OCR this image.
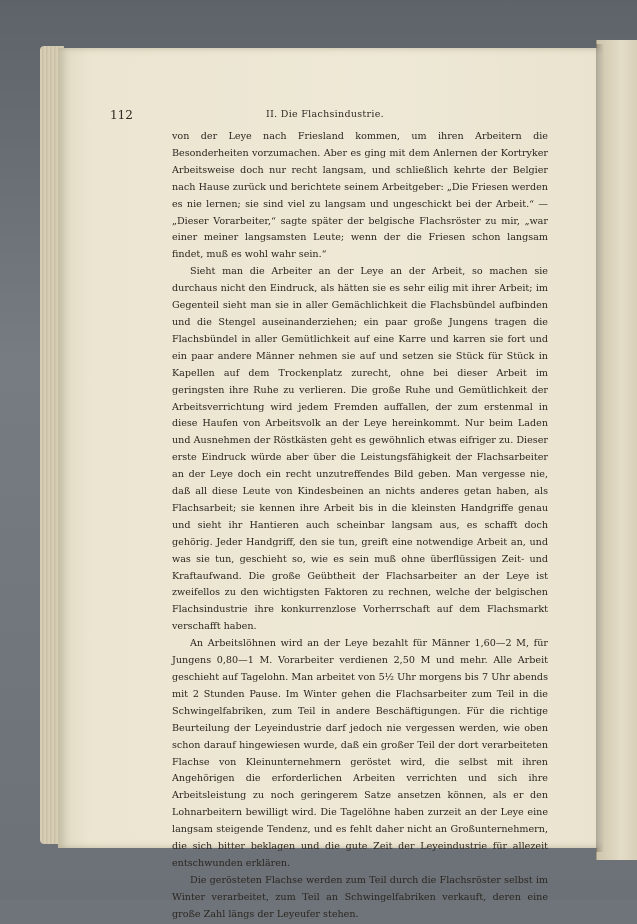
112	II. Die Flachsindustrie.

von der Leye nach Friesland kommen, um ihren Arbeitern die Besonderheiten vorzumachen. Aber es ging mit dem Anlernen der Kortryker Arbeitsweise doch nur recht langsam, und schließlich kehrte der Belgier nach Hause zurück und berichtete seinem Arbeitgeber: „Die Friesen werden es nie lernen; sie sind viel zu langsam und ungeschickt bei der Arbeit.“ — „Dieser Vorarbeiter,“ sagte später der belgische Flachsröster zu mir, „war einer meiner langsamsten Leute; wenn der die Friesen schon langsam findet, muß es wohl wahr sein.“

Sieht man die Arbeiter an der Leye an der Arbeit, so machen sie durchaus nicht den Eindruck, als hätten sie es sehr eilig mit ihrer Arbeit; im Gegenteil sieht man sie in aller Gemächlichkeit die Flachsbündel aufbinden und die Stengel auseinanderziehen; ein paar große Jungens tragen die Flachsbündel in aller Gemütlichkeit auf eine Karre und karren sie fort und ein paar andere Männer nehmen sie auf und setzen sie Stück für Stück in Kapellen auf dem Trockenplatz zurecht, ohne bei dieser Arbeit im geringsten ihre Ruhe zu verlieren. Die große Ruhe und Gemütlichkeit der Arbeitsverrichtung wird jedem Fremden auffallen, der zum erstenmal in diese Haufen von Arbeitsvolk an der Leye hereinkommt. Nur beim Laden und Ausnehmen der Röstkästen geht es gewöhnlich etwas eifriger zu. Dieser erste Eindruck würde aber über die Leistungsfähigkeit der Flachsarbeiter an der Leye doch ein recht unzutreffendes Bild geben. Man vergesse nie, daß all diese Leute von Kindesbeinen an nichts anderes getan haben, als Flachsarbeit; sie kennen ihre Arbeit bis in die kleinsten Handgriffe genau und sieht ihr Hantieren auch scheinbar langsam aus, es schafft doch gehörig. Jeder Handgriff, den sie tun, greift eine notwendige Arbeit an, und was sie tun, geschieht so, wie es sein muß ohne überflüssigen Zeit- und Kraftaufwand. Die große Geübtheit der Flachsarbeiter an der Leye ist zweifellos zu den wichtigsten Faktoren zu rechnen, welche der belgischen Flachsindustrie ihre konkurrenzlose Vorherrschaft auf dem Flachsmarkt verschafft haben.

An Arbeitslöhnen wird an der Leye bezahlt für Männer 1,60—2 M, für Jungens 0,80—1 M. Vorarbeiter verdienen 2,50 M und mehr. Alle Arbeit geschieht auf Tagelohn. Man arbeitet von 5½ Uhr morgens bis 7 Uhr abends mit 2 Stunden Pause. Im Winter gehen die Flachsarbeiter zum Teil in die Schwingelfabriken, zum Teil in andere Beschäftigungen. Für die richtige Beurteilung der Leyeindustrie darf jedoch nie vergessen werden, wie oben schon darauf hingewiesen wurde, daß ein großer Teil der dort verarbeiteten Flachse von Kleinunternehmern geröstet wird, die selbst mit ihren Angehörigen die erforderlichen Arbeiten verrichten und sich ihre Arbeitsleistung zu noch geringerem Satze ansetzen können, als er den Lohnarbeitern bewilligt wird. Die Tagelöhne haben zurzeit an der Leye eine langsam steigende Tendenz, und es fehlt daher nicht an Großunternehmern, die sich bitter beklagen und die gute Zeit der Leyeindustrie für allezeit entschwunden erklären.

Die gerösteten Flachse werden zum Teil durch die Flachsröster selbst im Winter verarbeitet, zum Teil an Schwingelfabriken verkauft, deren eine große Zahl längs der Leyeufer stehen.
